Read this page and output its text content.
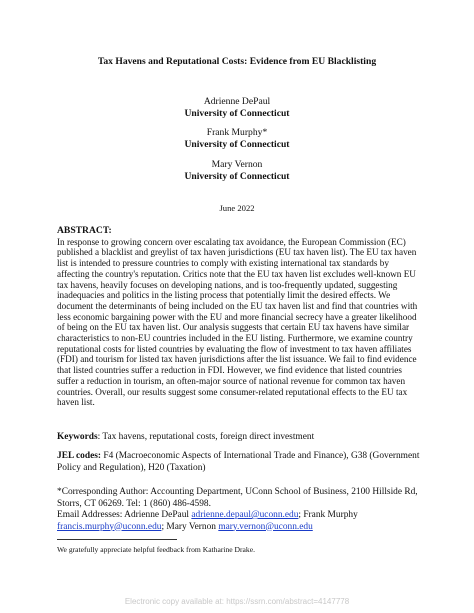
Tax Havens and Reputational Costs: Evidence from EU Blacklisting
Adrienne DePaul
University of Connecticut
Frank Murphy*
University of Connecticut
Mary Vernon
University of Connecticut
June 2022
ABSTRACT:
In response to growing concern over escalating tax avoidance, the European Commission (EC)
published a blacklist and greylist of tax haven jurisdictions (EU tax haven list). The EU tax haven
list is intended to pressure countries to comply with existing international tax standards by
affecting the country's reputation. Critics note that the EU tax haven list excludes well-known EU
tax havens, heavily focuses on developing nations, and is too-frequently updated, suggesting
inadequacies and politics in the listing process that potentially limit the desired effects. We
document the determinants of being included on the EU tax haven list and find that countries with
less economic bargaining power with the EU and more financial secrecy have a greater likelihood
of being on the EU tax haven list. Our analysis suggests that certain EU tax havens have similar
characteristics to non-EU countries included in the EU listing. Furthermore, we examine country
reputational costs for listed countries by evaluating the flow of investment to tax haven affiliates
(FDI) and tourism for listed tax haven jurisdictions after the list issuance. We fail to find evidence
that listed countries suffer a reduction in FDI. However, we find evidence that listed countries
suffer a reduction in tourism, an often-major source of national revenue for common tax haven
countries. Overall, our results suggest some consumer-related reputational effects to the EU tax
haven list.
Keywords: Tax havens, reputational costs, foreign direct investment
JEL codes: F4 (Macroeconomic Aspects of International Trade and Finance), G38 (Government
Policy and Regulation), H20 (Taxation)
*Corresponding Author: Accounting Department, UConn School of Business, 2100 Hillside Rd,
Storrs, CT 06269. Tel: 1 (860) 486-4598.
Email Addresses: Adrienne DePaul adrienne.depaul@uconn.edu; Frank Murphy
francis.murphy@uconn.edu; Mary Vernon mary.vernon@uconn.edu
We gratefully appreciate helpful feedback from Katharine Drake.
Electronic copy available at: https://ssrn.com/abstract=4147778
